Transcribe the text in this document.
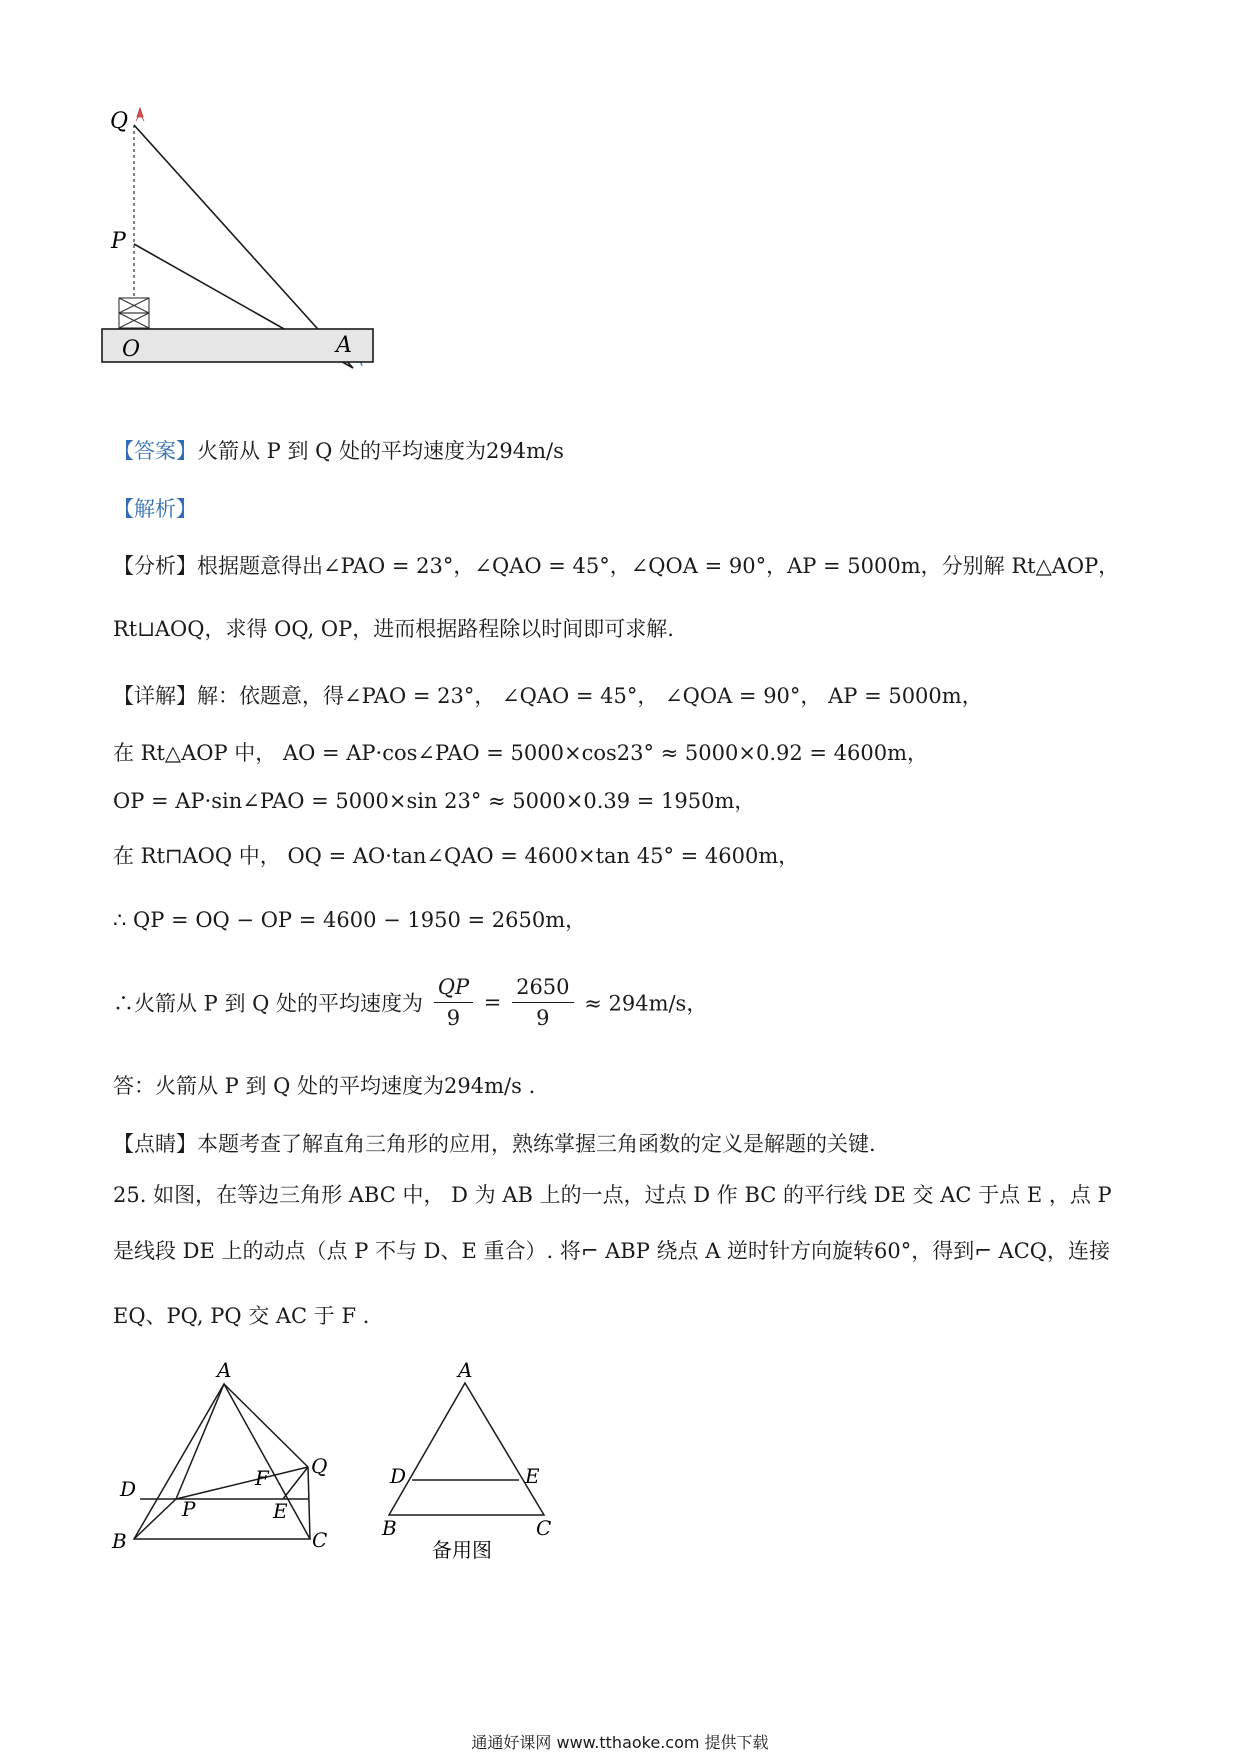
Q
P
O	A
【答案】火箭从 P 到 Q 处的平均速度为294m/s
【解析】
【分析】根据题意得出∠PAO = 23°，∠QAO = 45°，∠QOA = 90°，AP = 5000m，分别解 Rt△AOP，
Rt⊔AOQ，求得 OQ, OP，进而根据路程除以时间即可求解.
【详解】解：依题意，得∠PAO = 23°， ∠QAO = 45°， ∠QOA = 90°， AP = 5000m，
在 Rt△AOP 中， AO = AP·cos∠PAO = 5000×cos23° ≈ 5000×0.92 = 4600m，
OP = AP·sin∠PAO = 5000×sin 23° ≈ 5000×0.39 = 1950m，
在 Rt⊓AOQ 中， OQ = AO·tan∠QAO = 4600×tan 45° = 4600m，
∴ QP = OQ − OP = 4600 − 1950 = 2650m，
∴火箭从 P 到 Q 处的平均速度为 $\frac{QP}{9} = \frac{2650}{9} \approx 294m/s$，
答：火箭从 P 到 Q 处的平均速度为294m/s .
【点睛】本题考查了解直角三角形的应用，熟练掌握三角函数的定义是解题的关键.
25. 如图，在等边三角形 ABC 中， D 为 AB 上的一点，过点 D 作 BC 的平行线 DE 交 AC 于点 E ，点 P
是线段 DE 上的动点（点 P 不与 D、E 重合）. 将⌐ ABP 绕点 A 逆时针方向旋转60°，得到⌐ ACQ，连接
EQ、PQ, PQ 交 AC 于 F .
A
D
B
P
F
E
Q
C
A
D	E
B	C
备用图
通通好课网 www.tthaoke.com 提供下载
